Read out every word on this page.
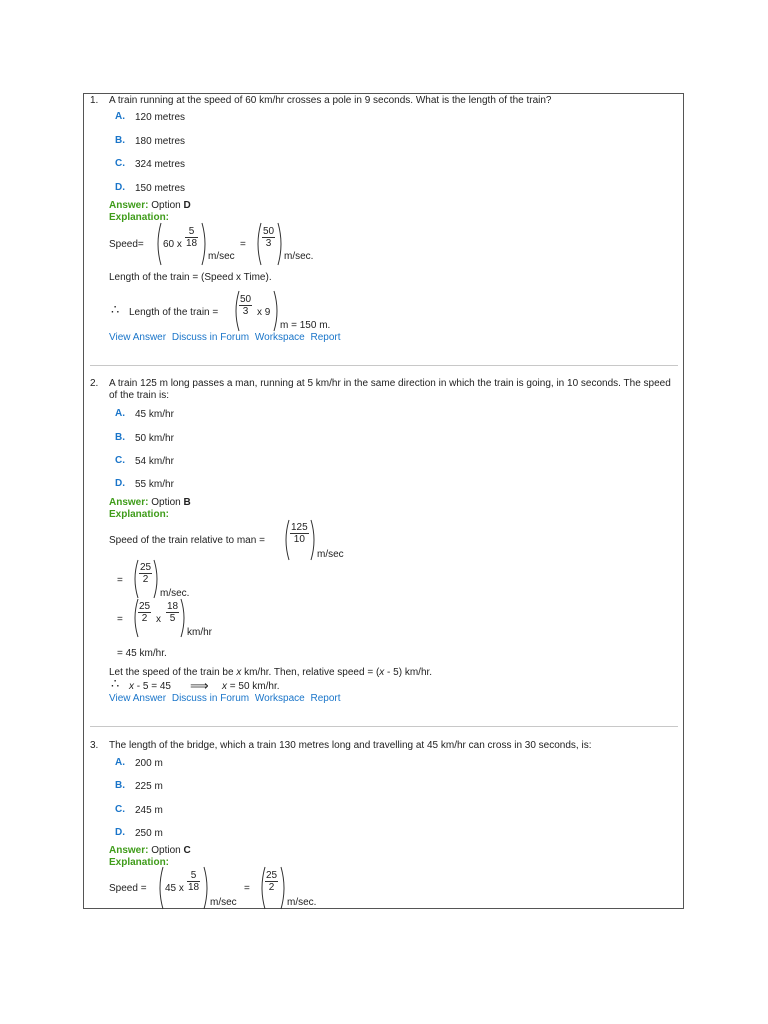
1. A train running at the speed of 60 km/hr crosses a pole in 9 seconds. What is the length of the train?
A. 120 metres
B. 180 metres
C. 324 metres
D. 150 metres
Answer: Option D
Explanation:
Speed= 60 x $\frac{5}{18}$
m/sec
= $\frac{50}{3}$
m/sec.
Length of the train = (Speed x Time).
∴ Length of the train = $\frac{50}{3}$ x 9
m = 150 m.
View Answer Discuss in Forum Workspace Report
2. A train 125 m long passes a man, running at 5 km/hr in the same direction in which the train is going, in 10 seconds. The speed of the train is:
A. 45 km/hr
B. 50 km/hr
C. 54 km/hr
D. 55 km/hr
Answer: Option B
Explanation:
Speed of the train relative to man =	$\frac{125}{10}$
m/sec
= $\frac{25}{2}$
m/sec.
= $\frac{25}{2}$ x $\frac{18}{5}$
km/hr
= 45 km/hr.
Let the speed of the train be x km/hr. Then, relative speed = (x - 5) km/hr.
∴ x - 5 = 45 ⟹ x = 50 km/hr.
View Answer Discuss in Forum Workspace Report
3. The length of the bridge, which a train 130 metres long and travelling at 45 km/hr can cross in 30 seconds, is:
A. 200 m
B. 225 m
C. 245 m
D. 250 m
Answer: Option C
Explanation:
Speed = 45 x $\frac{5}{18}$
m/sec
= $\frac{25}{2}$
m/sec.
